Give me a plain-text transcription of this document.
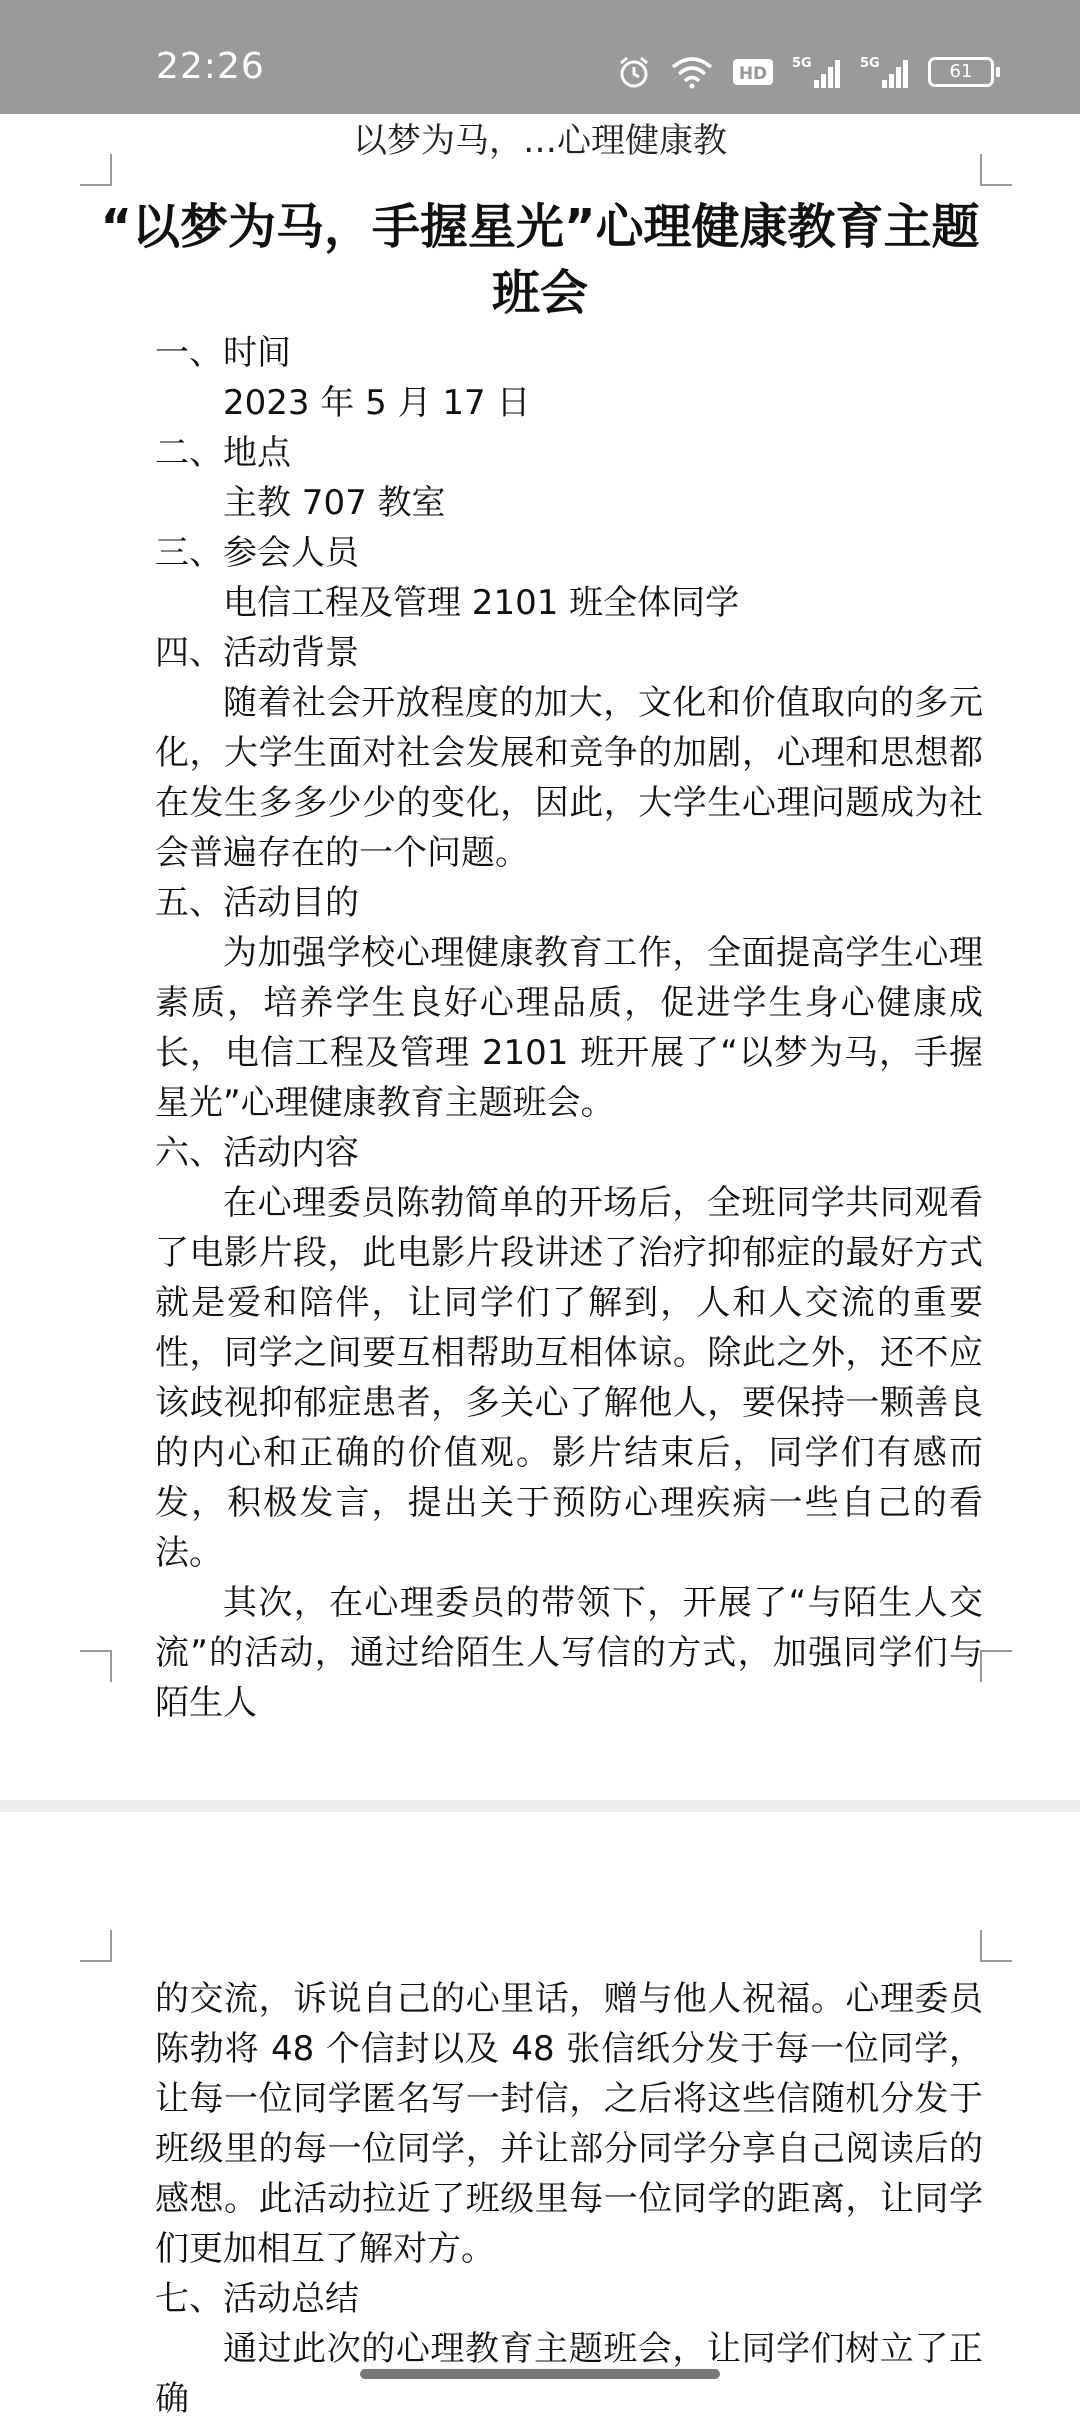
22:26	HD
5G	5G	61
以梦为马，…心理健康教
“以梦为马，手握星光”心理健康教育主题班会

一、时间

2023 年 5 月 17 日

二、地点

主教 707 教室

三、参会人员

电信工程及管理 2101 班全体同学

四、活动背景

随着社会开放程度的加大，文化和价值取向的多元化，大学生面对社会发展和竞争的加剧，心理和思想都在发生多多少少的变化，因此，大学生心理问题成为社会普遍存在的一个问题。

五、活动目的

为加强学校心理健康教育工作，全面提高学生心理素质，培养学生良好心理品质，促进学生身心健康成长，电信工程及管理 2101 班开展了“以梦为马，手握星光”心理健康教育主题班会。

六、活动内容

在心理委员陈勃简单的开场后，全班同学共同观看了电影片段，此电影片段讲述了治疗抑郁症的最好方式就是爱和陪伴，让同学们了解到，人和人交流的重要性，同学之间要互相帮助互相体谅。除此之外，还不应该歧视抑郁症患者，多关心了解他人，要保持一颗善良的内心和正确的价值观。影片结束后，同学们有感而发，积极发言，提出关于预防心理疾病一些自己的看法。

其次，在心理委员的带领下，开展了“与陌生人交流”的活动，通过给陌生人写信的方式，加强同学们与陌生人

的交流，诉说自己的心里话，赠与他人祝福。心理委员陈勃将 48 个信封以及 48 张信纸分发于每一位同学，让每一位同学匿名写一封信，之后将这些信随机分发于班级里的每一位同学，并让部分同学分享自己阅读后的感想。此活动拉近了班级里每一位同学的距离，让同学们更加相互了解对方。

七、活动总结

通过此次的心理教育主题班会，让同学们树立了正确
